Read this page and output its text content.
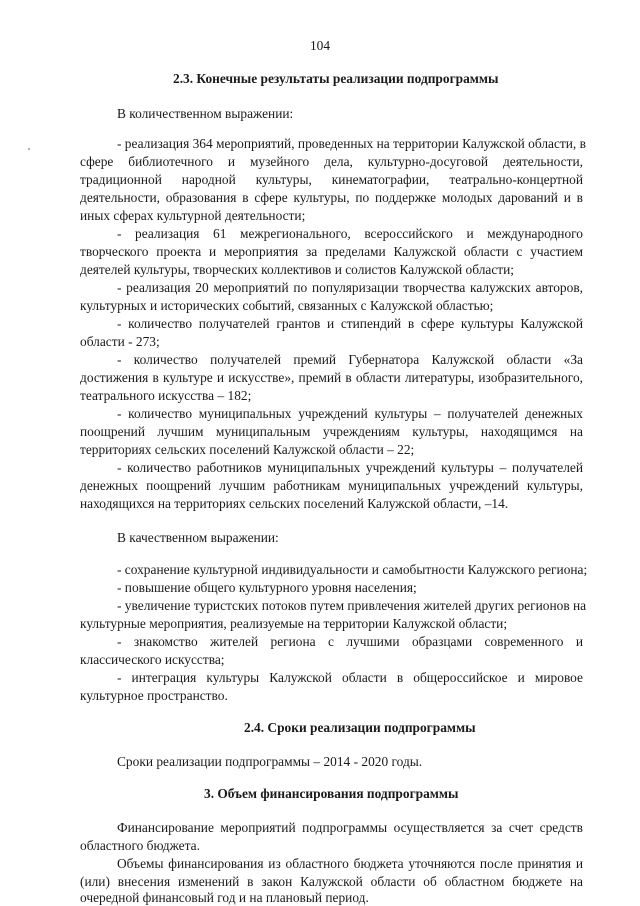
104
2.3. Конечные результаты реализации подпрограммы
В количественном выражении:
- реализация 364 мероприятий, проведенных на территории Калужской области, в
сфере библиотечного и музейного дела, культурно-досуговой деятельности,
традиционной народной культуры, кинематографии, театрально-концертной
деятельности, образования в сфере культуры, по поддержке молодых дарований и в
иных сферах культурной деятельности;
- реализация 61 межрегионального, всероссийского и международного
творческого проекта и мероприятия за пределами Калужской области с участием
деятелей культуры, творческих коллективов и солистов Калужской области;
- реализация 20 мероприятий по популяризации творчества калужских авторов,
культурных и исторических событий, связанных с Калужской областью;
- количество получателей грантов и стипендий в сфере культуры Калужской
области - 273;
- количество получателей премий Губернатора Калужской области «За
достижения в культуре и искусстве», премий в области литературы, изобразительного,
театрального искусства – 182;
- количество муниципальных учреждений культуры – получателей денежных
поощрений лучшим муниципальным учреждениям культуры, находящимся на
территориях сельских поселений Калужской области – 22;
- количество работников муниципальных учреждений культуры – получателей
денежных поощрений лучшим работникам муниципальных учреждений культуры,
находящихся на территориях сельских поселений Калужской области, –14.
В качественном выражении:
- сохранение культурной индивидуальности и самобытности Калужского региона;
- повышение общего культурного уровня населения;
- увеличение туристских потоков путем привлечения жителей других регионов на
культурные мероприятия, реализуемые на территории Калужской области;
- знакомство жителей региона с лучшими образцами современного и
классического искусства;
- интеграция культуры Калужской области в общероссийское и мировое
культурное пространство.
2.4. Сроки реализации подпрограммы
Сроки реализации подпрограммы – 2014 - 2020 годы.
3. Объем финансирования подпрограммы
Финансирование мероприятий подпрограммы осуществляется за счет средств
областного бюджета.
Объемы финансирования из областного бюджета уточняются после принятия и
(или) внесения изменений в закон Калужской области об областном бюджете на
очередной финансовый год и на плановый период.
